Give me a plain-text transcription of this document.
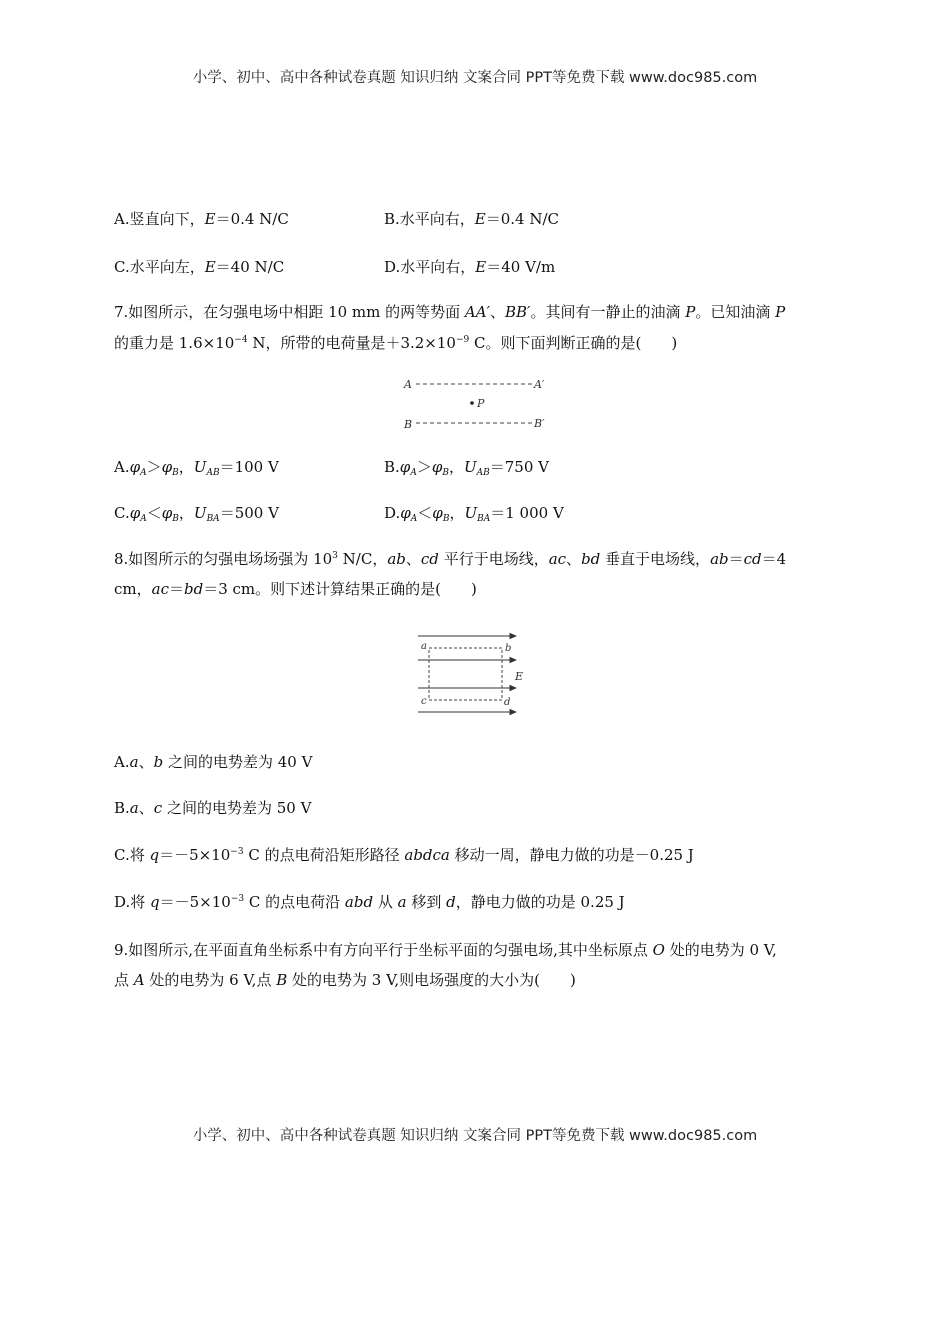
小学、初中、高中各种试卷真题 知识归纳 文案合同 PPT等免费下载 www.doc985.com
A.竖直向下，E＝0.4 N/C	B.水平向右，E＝0.4 N/C
C.水平向左，E＝40 N/C	D.水平向右，E＝40 V/m
7.如图所示，在匀强电场中相距 10 mm 的两等势面 AA′、BB′。其间有一静止的油滴 P。已知油滴 P
的重力是 $1.6\times 10^{-4}$ N，所带的电荷量是$+3.2\times 10^{-9}$ C。则下面判断正确的是(　　)
A	A′
P
B	B′
$A.\varphi_A>\varphi_B$，$U_{AB}=100$ V	$B.\varphi_A>\varphi_B$，$U_{AB}=750$ V
$C.\varphi_A<\varphi_B$，$U_{BA}=500$ V	$D.\varphi_A<\varphi_B$，$U_{BA}=1$ 000 V
8.如图所示的匀强电场场强为 $10^3$ N/C，ab、cd 平行于电场线，ac、bd 垂直于电场线，ab＝cd＝4
cm，ac＝bd＝3 cm。则下述计算结果正确的是(　　)
a	b
c	d
E
A.a、b 之间的电势差为 40 V
B.a、c 之间的电势差为 50 V
C.将 $q=-5\times 10^{-3}$ C 的点电荷沿矩形路径 abdca 移动一周，静电力做的功是－0.25 J
D.将 $q=-5\times 10^{-3}$ C 的点电荷沿 abd 从 a 移到 d，静电力做的功是 0.25 J
9.如图所示,在平面直角坐标系中有方向平行于坐标平面的匀强电场,其中坐标原点 O 处的电势为 0 V,
点 A 处的电势为 6 V,点 B 处的电势为 3 V,则电场强度的大小为(　　)
小学、初中、高中各种试卷真题 知识归纳 文案合同 PPT等免费下载 www.doc985.com
